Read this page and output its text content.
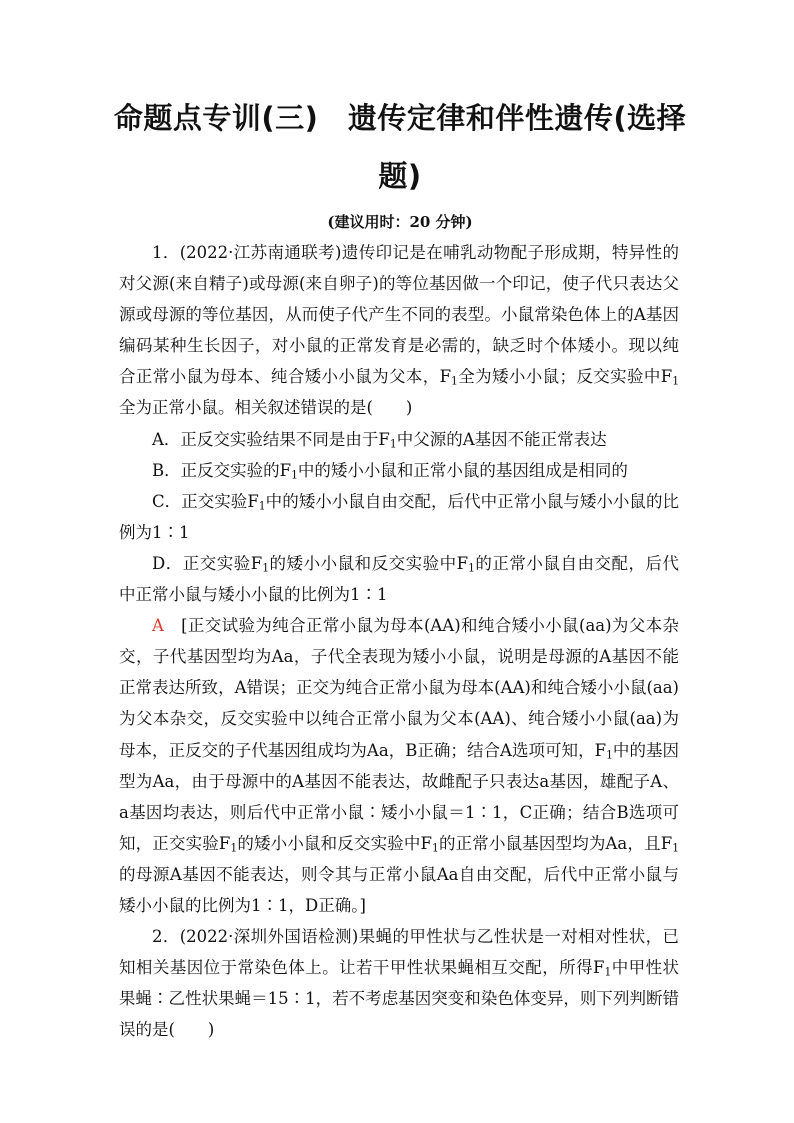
命题点专训(三)　遗传定律和伴性遗传(选择
题)
(建议用时：20 分钟)

1．(2022·江苏南通联考)遗传印记是在哺乳动物配子形成期，特异性的对父源(来自精子)或母源(来自卵子)的等位基因做一个印记，使子代只表达父源或母源的等位基因，从而使子代产生不同的表型。小鼠常染色体上的A基因编码某种生长因子，对小鼠的正常发育是必需的，缺乏时个体矮小。现以纯合正常小鼠为母本、纯合矮小小鼠为父本，$F_1$全为矮小小鼠；反交实验中$F_1$全为正常小鼠。相关叙述错误的是(　　)

A．正反交实验结果不同是由于$F_1$中父源的A基因不能正常表达

B．正反交实验的$F_1$中的矮小小鼠和正常小鼠的基因组成是相同的

C．正交实验$F_1$中的矮小小鼠自由交配，后代中正常小鼠与矮小小鼠的比例为1∶1

D．正交实验$F_1$的矮小小鼠和反交实验中$F_1$的正常小鼠自由交配，后代中正常小鼠与矮小小鼠的比例为1∶1

A　[正交试验为纯合正常小鼠为母本(AA)和纯合矮小小鼠(aa)为父本杂交，子代基因型均为Aa，子代全表现为矮小小鼠，说明是母源的A基因不能正常表达所致，A错误；正交为纯合正常小鼠为母本(AA)和纯合矮小小鼠(aa)为父本杂交，反交实验中以纯合正常小鼠为父本(AA)、纯合矮小小鼠(aa)为母本，正反交的子代基因组成均为Aa，B正确；结合A选项可知，$F_1$中的基因型为Aa，由于母源中的A基因不能表达，故雌配子只表达a基因，雄配子A、a基因均表达，则后代中正常小鼠∶矮小小鼠＝1∶1，C正确；结合B选项可知，正交实验$F_1$的矮小小鼠和反交实验中$F_1$的正常小鼠基因型均为Aa，且$F_1$的母源A基因不能表达，则令其与正常小鼠Aa自由交配，后代中正常小鼠与矮小小鼠的比例为1∶1，D正确。]

2．(2022·深圳外国语检测)果蝇的甲性状与乙性状是一对相对性状，已知相关基因位于常染色体上。让若干甲性状果蝇相互交配，所得$F_1$中甲性状果蝇∶乙性状果蝇＝15∶1，若不考虑基因突变和染色体变异，则下列判断错误的是(　　)
